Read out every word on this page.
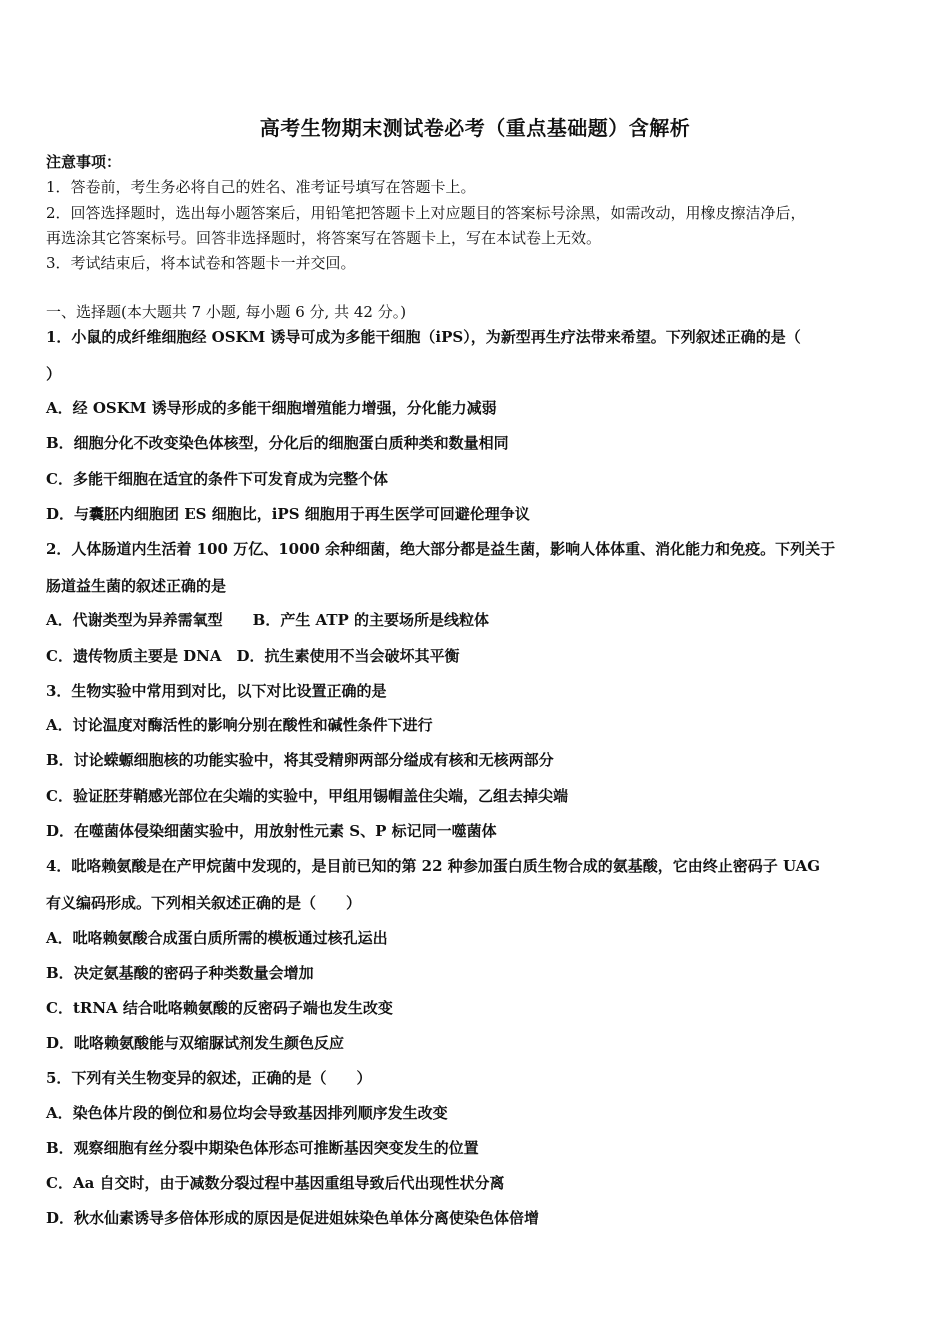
高考生物期末测试卷必考（重点基础题）含解析
注意事项：
1．答卷前，考生务必将自己的姓名、准考证号填写在答题卡上。
2．回答选择题时，选出每小题答案后，用铅笔把答题卡上对应题目的答案标号涂黑，如需改动，用橡皮擦洁净后，
再选涂其它答案标号。回答非选择题时，将答案写在答题卡上，写在本试卷上无效。
3．考试结束后，将本试卷和答题卡一并交回。
一、选择题(本大题共 7 小题, 每小题 6 分, 共 42 分。)
1．小鼠的成纤维细胞经 OSKM 诱导可成为多能干细胞（iPS），为新型再生疗法带来希望。下列叙述正确的是（
）
A．经 OSKM 诱导形成的多能干细胞增殖能力增强，分化能力减弱
B．细胞分化不改变染色体核型，分化后的细胞蛋白质种类和数量相同
C．多能干细胞在适宜的条件下可发育成为完整个体
D．与囊胚内细胞团 ES 细胞比，iPS 细胞用于再生医学可回避伦理争议
2．人体肠道内生活着 100 万亿、1000 余种细菌，绝大部分都是益生菌，影响人体体重、消化能力和免疫。下列关于
肠道益生菌的叙述正确的是
A．代谢类型为异养需氧型　　B．产生 ATP 的主要场所是线粒体
C．遗传物质主要是 DNA　D．抗生素使用不当会破坏其平衡
3．生物实验中常用到对比，以下对比设置正确的是
A．讨论温度对酶活性的影响分别在酸性和碱性条件下进行
B．讨论蝾螈细胞核的功能实验中，将其受精卵两部分缢成有核和无核两部分
C．验证胚芽鞘感光部位在尖端的实验中，甲组用锡帽盖住尖端，乙组去掉尖端
D．在噬菌体侵染细菌实验中，用放射性元素 S、P 标记同一噬菌体
4．吡咯赖氨酸是在产甲烷菌中发现的，是目前已知的第 22 种参加蛋白质生物合成的氨基酸，它由终止密码子 UAG
有义编码形成。下列相关叙述正确的是（　　）
A．吡咯赖氨酸合成蛋白质所需的模板通过核孔运出
B．决定氨基酸的密码子种类数量会增加
C．tRNA 结合吡咯赖氨酸的反密码子端也发生改变
D．吡咯赖氨酸能与双缩脲试剂发生颜色反应
5．下列有关生物变异的叙述，正确的是（　　）
A．染色体片段的倒位和易位均会导致基因排列顺序发生改变
B．观察细胞有丝分裂中期染色体形态可推断基因突变发生的位置
C．Aa 自交时，由于减数分裂过程中基因重组导致后代出现性状分离
D．秋水仙素诱导多倍体形成的原因是促进姐妹染色单体分离使染色体倍增
